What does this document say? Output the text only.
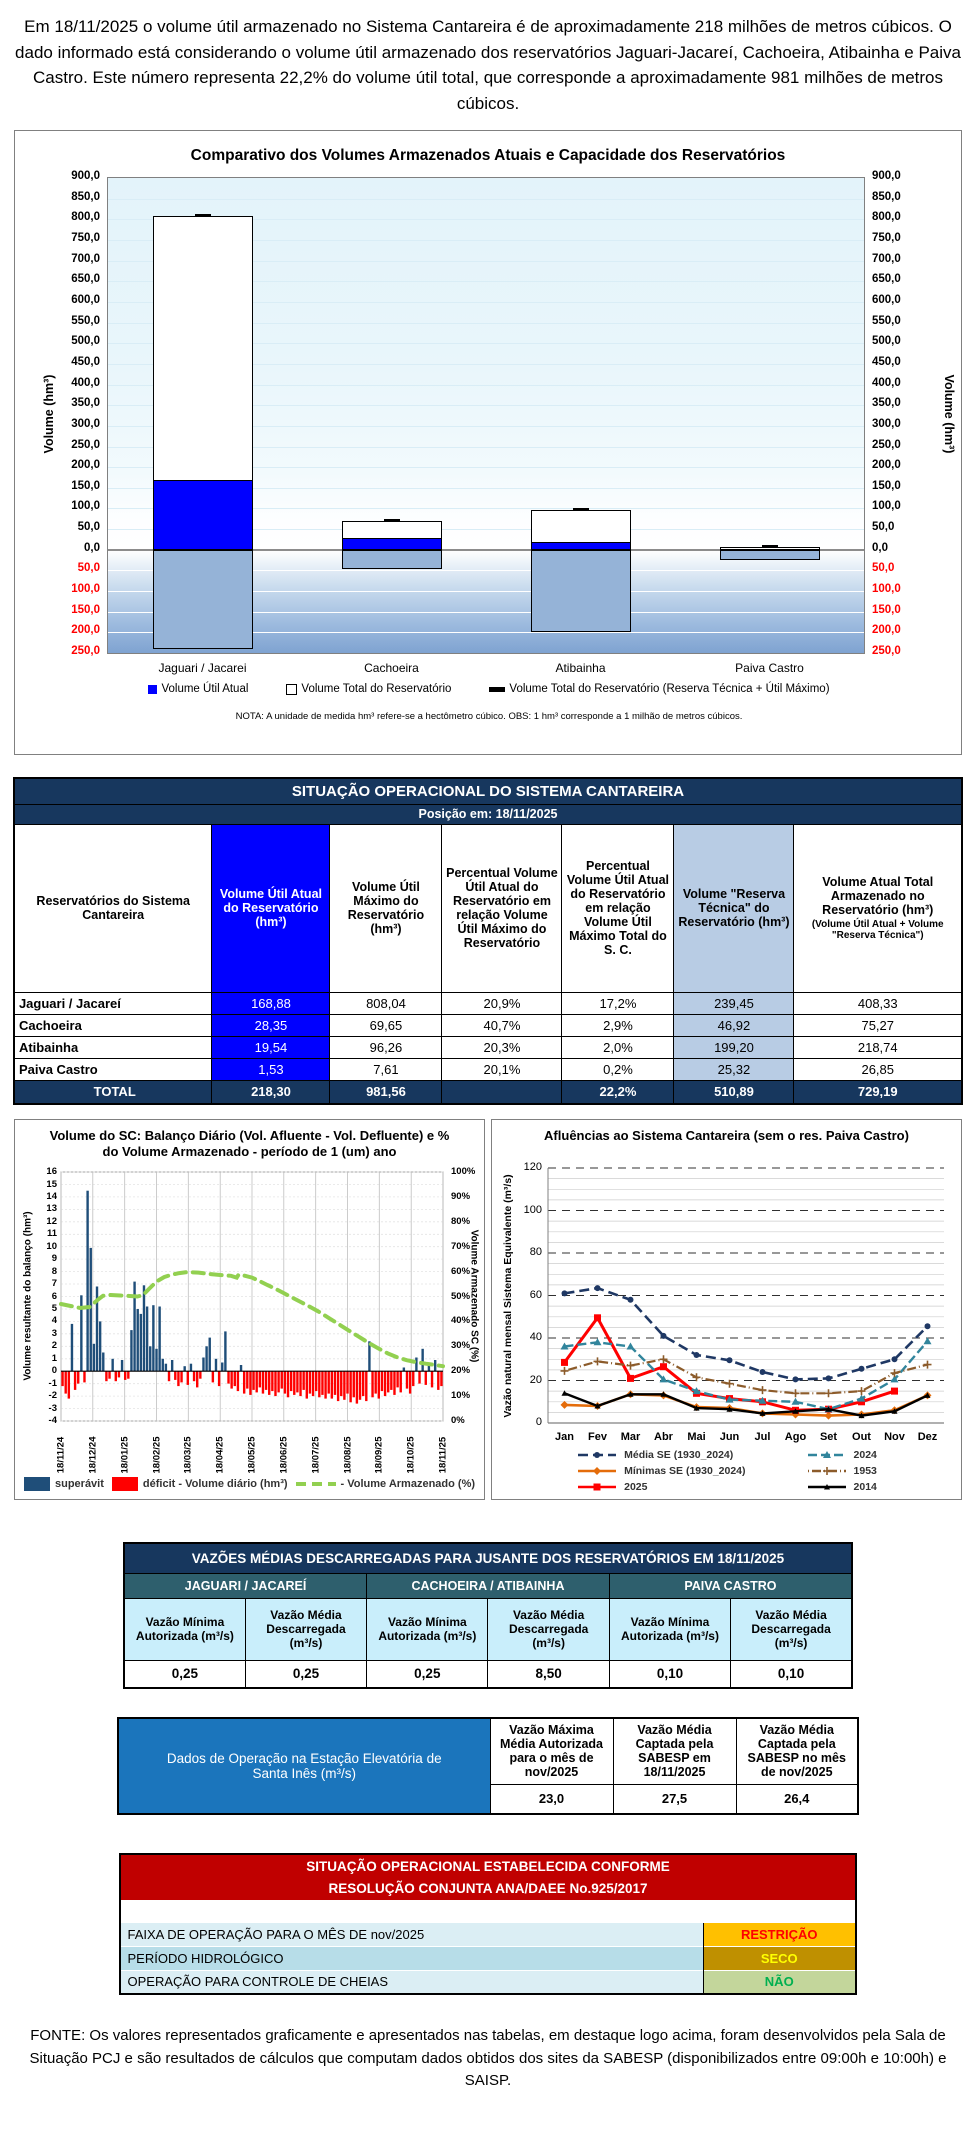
Em 18/11/2025 o volume útil armazenado no Sistema Cantareira é de aproximadamente 218 milhões de metros cúbicos. O dado informado está considerando o volume útil armazenado dos reservatórios Jaguari-Jacareí, Cachoeira, Atibainha e Paiva Castro. Este número representa 22,2% do volume útil total, que corresponde a aproximadamente 981 milhões de metros cúbicos.
Comparativo dos Volumes Armazenados Atuais e Capacidade dos Reservatórios
Volume (hm³)	Volume (hm³)
900,0	900,0
850,0	850,0
800,0	800,0
750,0	750,0
700,0	700,0
650,0	650,0
600,0	600,0
550,0	550,0
500,0	500,0
450,0	450,0
400,0	400,0
350,0	350,0
300,0	300,0
250,0	250,0
200,0	200,0
150,0	150,0
100,0	100,0
50,0	50,0
0,0	0,0
50,0	50,0
100,0	100,0
150,0	150,0
200,0	200,0
250,0	250,0
Jaguari / Jacarei	Cachoeira	Atibainha	Paiva Castro
Volume Útil Atual	Volume Total do Reservatório	Volume Total do Reservatório (Reserva Técnica + Útil Máximo)
NOTA: A unidade de medida hm³ refere-se a hectômetro cúbico. OBS: 1 hm³ corresponde a 1 milhão de metros cúbicos.
SITUAÇÃO OPERACIONAL DO SISTEMA CANTAREIRA						
Posição em: 18/11/2025						
Reservatórios do Sistema Cantareira	Volume Útil Atual do Reservatório (hm³)	Volume Útil Máximo do Reservatório (hm³)	Percentual Volume Útil Atual do Reservatório em relação Volume Útil Máximo do Reservatório	Percentual Volume Útil Atual do Reservatório em relação Volume Útil Máximo Total do S. C.	Volume "Reserva Técnica" do Reservatório (hm³)	Volume Atual Total Armazenado no Reservatório (hm³)
(Volume Útil Atual + Volume "Reserva Técnica")

Jaguari / Jacareí	168,88	808,04	20,9%	17,2%	239,45	408,33
Cachoeira	28,35	69,65	40,7%	2,9%	46,92	75,27
Atibainha	19,54	96,26	20,3%	2,0%	199,20	218,74
Paiva Castro	1,53	7,61	20,1%	0,2%	25,32	26,85
TOTAL	218,30	981,56		22,2%	510,89	729,19
Volume do SC: Balanço Diário (Vol. Afluente - Vol. Defluente) e % do Volume Armazenado - período de 1 (um) ano
Volume resultante do balanço (hm³)	Volume Armazenado SC (%)
16
15
14
13
12
11
10
9
8
7
6
5
4
3
2
1
0
-1
-2
-3
-4
100%
90%
80%
70%
60%
50%
40%
30%
20%
10%
0%
18/11/24 18/12/24 18/01/25 18/02/25 18/03/25 18/04/25 18/05/25 18/06/25 18/07/25 18/08/25 18/09/25 18/10/25 18/11/25
superávit	déficit - Volume diário (hm³)	- Volume Armazenado (%)
Afluências ao Sistema Cantareira (sem o res. Paiva Castro)
Vazão natural mensal Sistema Equivalente (m³/s)
0
20
40
60
80
100
120
Jan	Fev	Mar	Abr	Mai	Jun	Jul	Ago	Set	Out	Nov	Dez
Média SE (1930_2024)
Mínimas SE (1930_2024)
2025
2024
1953
2014
VAZÕES MÉDIAS DESCARREGADAS PARA JUSANTE DOS RESERVATÓRIOS EM 18/11/2025					
JAGUARI / JACAREÍ		CACHOEIRA / ATIBAINHA		PAIVA CASTRO	
Vazão Mínima Autorizada (m³/s)	Vazão Média Descarregada (m³/s)	Vazão Mínima Autorizada (m³/s)	Vazão Média Descarregada (m³/s)	Vazão Mínima Autorizada (m³/s)	Vazão Média Descarregada (m³/s)
0,25	0,25	0,25	8,50	0,10	0,10
Dados de Operação na Estação Elevatória de Santa Inês (m³/s)	Vazão Máxima Média Autorizada para o mês de nov/2025	Vazão Média Captada pela SABESP em 18/11/2025	Vazão Média Captada pela SABESP no mês de nov/2025
	23,0	27,5	26,4
SITUAÇÃO OPERACIONAL ESTABELECIDA CONFORME
RESOLUÇÃO CONJUNTA ANA/DAEE No.925/2017	

FAIXA DE OPERAÇÃO PARA O MÊS DE nov/2025	RESTRIÇÃO
PERÍODO HIDROLÓGICO	SECO
OPERAÇÃO PARA CONTROLE DE CHEIAS	NÃO
FONTE: Os valores representados graficamente e apresentados nas tabelas, em destaque logo acima, foram desenvolvidos pela Sala de Situação PCJ e são resultados de cálculos que computam dados obtidos dos sites da SABESP (disponibilizados entre 09:00h e 10:00h) e SAISP.
